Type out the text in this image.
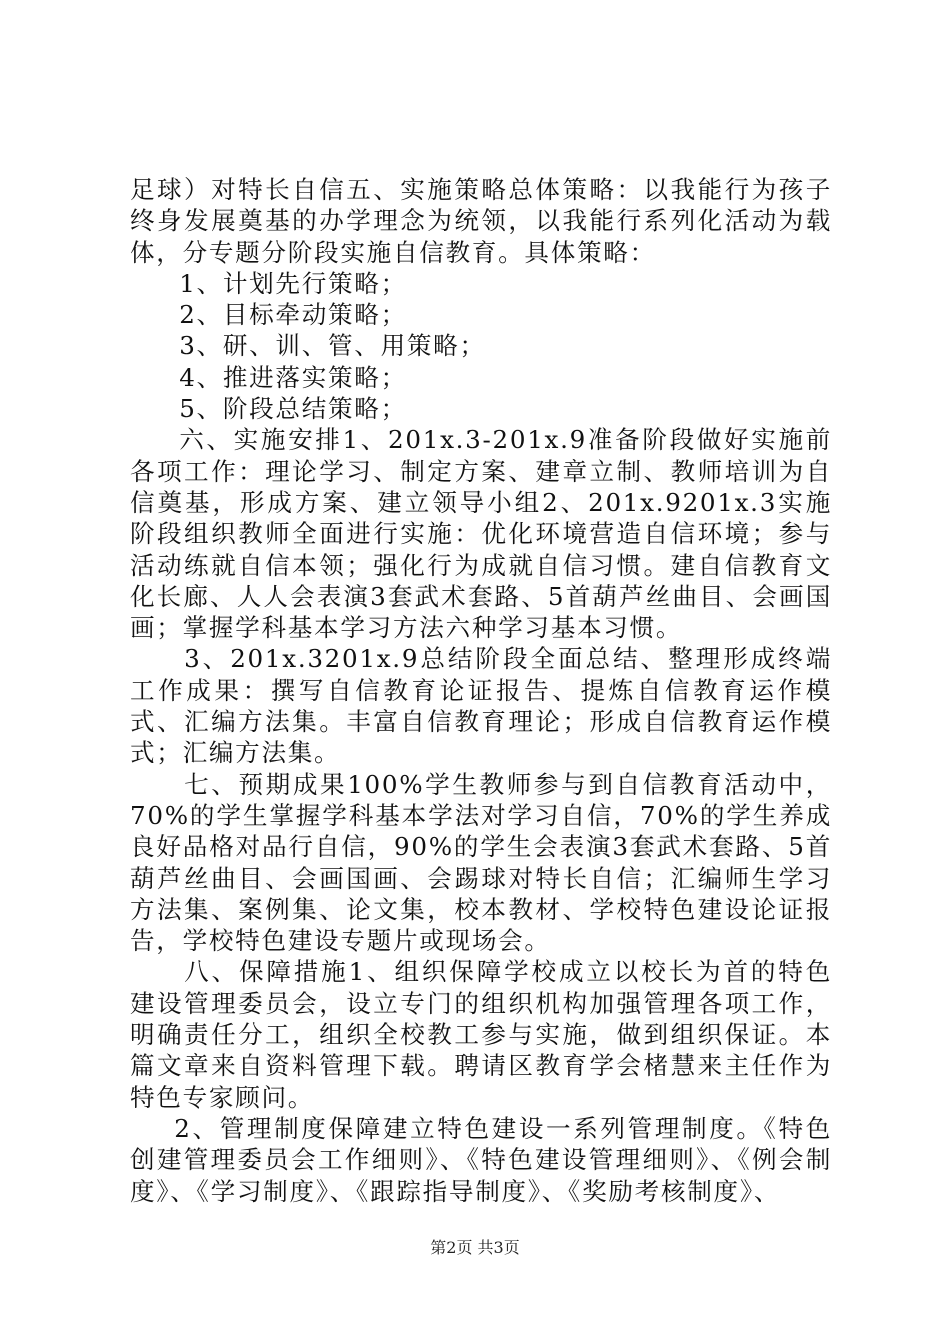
足球）对特长自信五、实施策略总体策略：以我能行为孩子终身发展奠基的办学理念为统领，以我能行系列化活动为载体，分专题分阶段实施自信教育。具体策略：

1、计划先行策略；

2、目标牵动策略；

3、研、训、管、用策略；

4、推进落实策略；

5、阶段总结策略；

六、实施安排1、201x.3-201x.9准备阶段做好实施前各项工作：理论学习、制定方案、建章立制、教师培训为自信奠基，形成方案、建立领导小组2、201x.9201x.3实施阶段组织教师全面进行实施：优化环境营造自信环境；参与活动练就自信本领；强化行为成就自信习惯。建自信教育文化长廊、人人会表演3套武术套路、5首葫芦丝曲目、会画国画；掌握学科基本学习方法六种学习基本习惯。

3、201x.3201x.9总结阶段全面总结、整理形成终端工作成果：撰写自信教育论证报告、提炼自信教育运作模式、汇编方法集。丰富自信教育理论；形成自信教育运作模式；汇编方法集。

七、预期成果100%学生教师参与到自信教育活动中，70%的学生掌握学科基本学法对学习自信，70%的学生养成良好品格对品行自信，90%的学生会表演3套武术套路、5首葫芦丝曲目、会画国画、会踢球对特长自信；汇编师生学习方法集、案例集、论文集，校本教材、学校特色建设论证报告，学校特色建设专题片或现场会。

八、保障措施1、组织保障学校成立以校长为首的特色建设管理委员会，设立专门的组织机构加强管理各项工作，明确责任分工，组织全校教工参与实施，做到组织保证。本篇文章来自资料管理下载。聘请区教育学会楮慧来主任作为特色专家顾问。

2、管理制度保障建立特色建设一系列管理制度。《特色创建管理委员会工作细则》、《特色建设管理细则》、《例会制度》、《学习制度》、《跟踪指导制度》、《奖励考核制度》、

第2页 共3页
